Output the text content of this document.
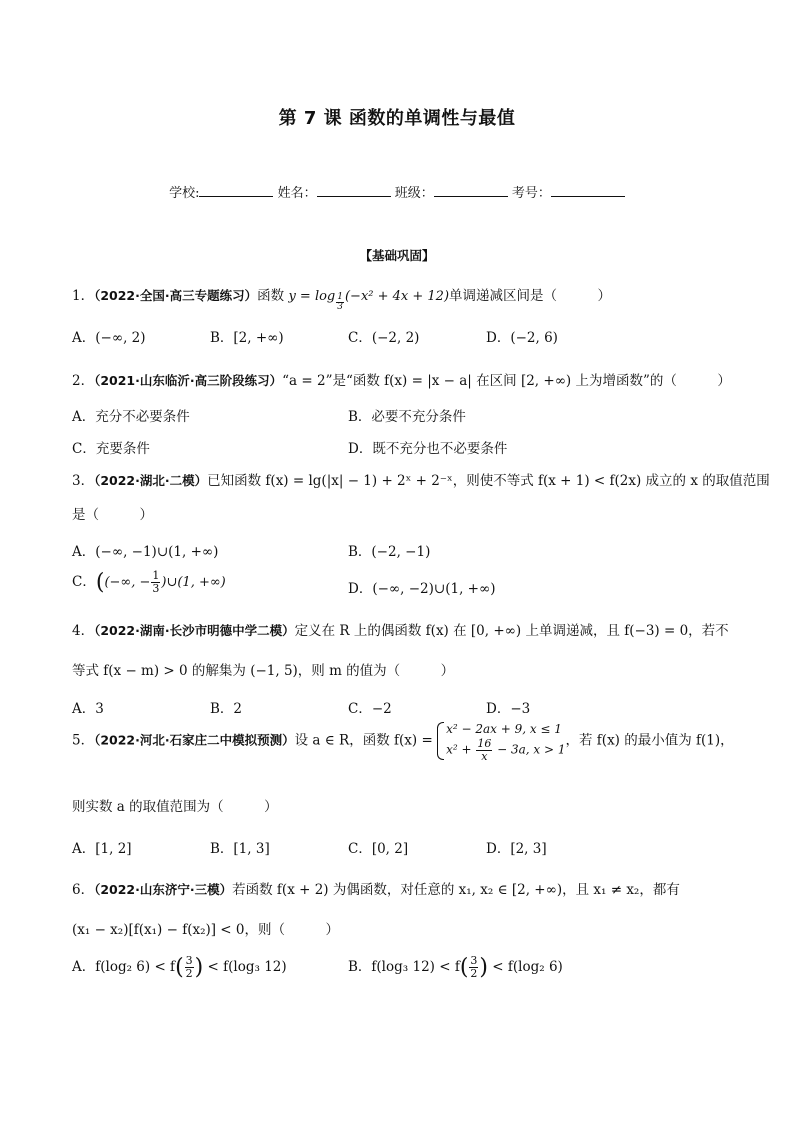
第 7 课 函数的单调性与最值
学校:	姓名：	班级：	考号：
【基础巩固】
1．（2022·全国·高三专题练习）函数 $y = \log \frac{1}{3} (-x^2 + 4x + 12)$单调递减区间是（　　　）
A．(−∞, 2)	B．[2, +∞)	C．(−2, 2)	D．(−2, 6)
2．（2021·山东临沂·高三阶段练习）“a = 2”是“函数 f(x) = |x − a| 在区间 [2, +∞) 上为增函数”的（　　　）
A．充分不必要条件	B．必要不充分条件
C．充要条件	D．既不充分也不必要条件
3．（2022·湖北·二模）已知函数 f(x) = lg(|x| − 1) + 2ˣ + 2⁻ˣ，则使不等式 f(x + 1) < f(2x) 成立的 x 的取值范围
是（　　　）
A．(−∞, −1)∪(1, +∞)	B．(−2, −1)
C．((−∞, − $\frac{1}{3}$ )∪(1, +∞)	D．(−∞, −2)∪(1, +∞)
4．（2022·湖南·长沙市明德中学二模）定义在 R 上的偶函数 f(x) 在 [0, +∞) 上单调递减，且 f(−3) = 0，若不
等式 f(x − m) > 0 的解集为 (−1, 5)，则 m 的值为（　　　）
A．3	B．2	C．−2	D．−3
5．（2022·河北·石家庄二中模拟预测）设 a ∈ R，函数 f(x) =
x² − 2ax + 9, x ≤ 1
$x^2 + \frac{16}{x} - 3a$, x > 1
，若 f(x) 的最小值为 f(1)，
则实数 a 的取值范围为（　　　）
A．[1, 2]	B．[1, 3]	C．[0, 2]	D．[2, 3]
6．（2022·山东济宁·三模）若函数 f(x + 2) 为偶函数，对任意的 x₁, x₂ ∈ [2, +∞)，且 x₁ ≠ x₂，都有
(x₁ − x₂)[f(x₁) − f(x₂)] < 0，则（　　　）
A．f(log₂ $6) < f( \frac{3}{2}$ ) < f(log₃ 12)	B．f(log₃ $12) < f( \frac{3}{2}$ ) < f(log₂ 6)
